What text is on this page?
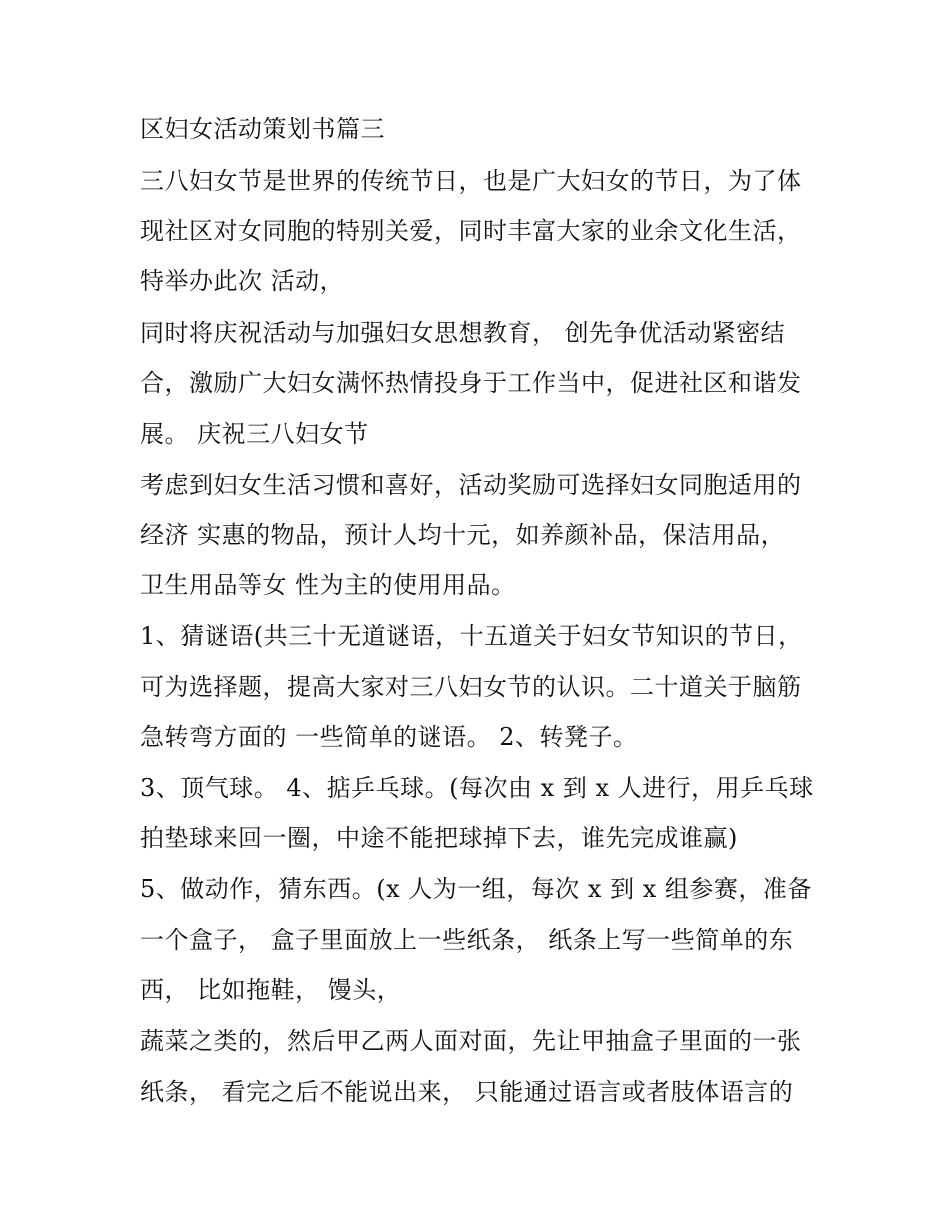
区妇女活动策划书篇三
三八妇女节是世界的传统节日，也是广大妇女的节日，为了体
现社区对女同胞的特别关爱，同时丰富大家的业余文化生活，
特举办此次 活动，
同时将庆祝活动与加强妇女思想教育， 创先争优活动紧密结
合，激励广大妇女满怀热情投身于工作当中，促进社区和谐发
展。 庆祝三八妇女节
考虑到妇女生活习惯和喜好，活动奖励可选择妇女同胞适用的
经济 实惠的物品，预计人均十元，如养颜补品，保洁用品，
卫生用品等女 性为主的使用用品。
1、猜谜语(共三十无道谜语，十五道关于妇女节知识的节日，
可为选择题，提高大家对三八妇女节的认识。二十道关于脑筋
急转弯方面的 一些简单的谜语。 2、转凳子。
3、顶气球。 4、掂乒乓球。(每次由 x 到 x 人进行，用乒乓球
拍垫球来回一圈，中途不能把球掉下去，谁先完成谁赢)
5、做动作，猜东西。(x 人为一组，每次 x 到 x 组参赛，准备
一个盒子， 盒子里面放上一些纸条， 纸条上写一些简单的东
西， 比如拖鞋， 馒头，
蔬菜之类的，然后甲乙两人面对面，先让甲抽盒子里面的一张
纸条， 看完之后不能说出来， 只能通过语言或者肢体语言的
